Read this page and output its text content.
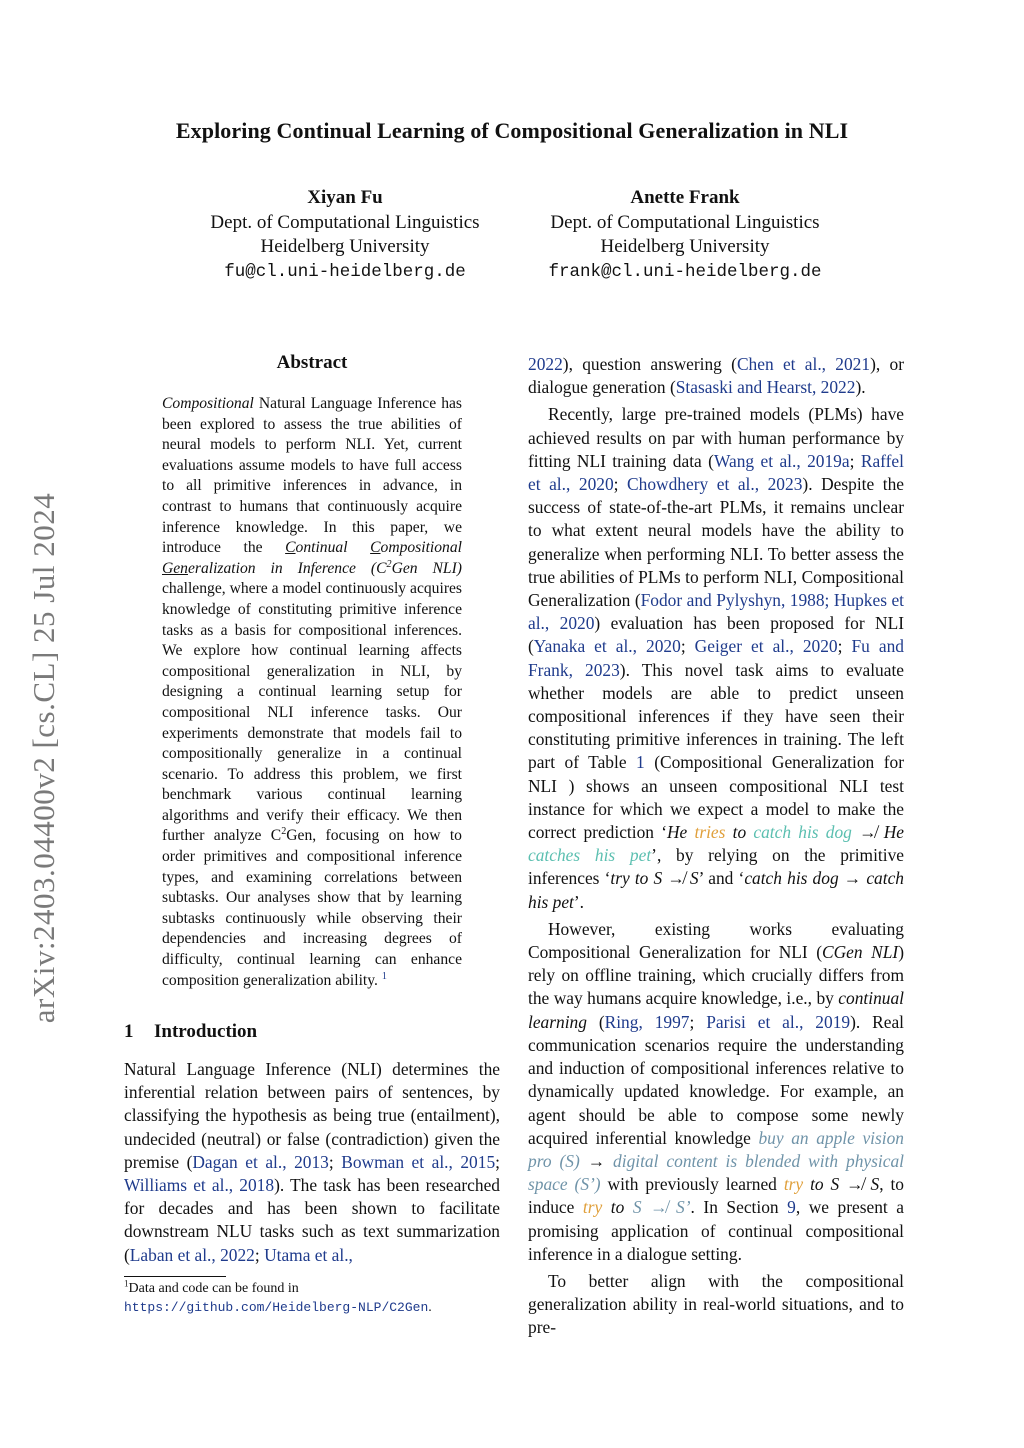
Exploring Continual Learning of Compositional Generalization in NLI
Xiyan Fu
Dept. of Computational Linguistics
Heidelberg University
fu@cl.uni-heidelberg.de
Anette Frank
Dept. of Computational Linguistics
Heidelberg University
frank@cl.uni-heidelberg.de
arXiv:2403.04400v2 [cs.CL] 25 Jul 2024
Abstract
Compositional Natural Language Inference has been explored to assess the true abilities of neural models to perform NLI. Yet, current evaluations assume models to have full access to all primitive inferences in advance, in contrast to humans that continuously acquire inference knowledge. In this paper, we introduce the Continual Compositional Generalization in Inference ($C^2Gen$ NLI) challenge, where a model continuously acquires knowledge of constituting primitive inference tasks as a basis for compositional inferences. We explore how continual learning affects compositional generalization in NLI, by designing a continual learning setup for compositional NLI inference tasks. Our experiments demonstrate that models fail to compositionally generalize in a continual scenario. To address this problem, we first benchmark various continual learning algorithms and verify their efficacy. We then further analyze $C^2Gen$, focusing on how to order primitives and compositional inference types, and examining correlations between subtasks. Our analyses show that by learning subtasks continuously while observing their dependencies and increasing degrees of difficulty, continual learning can enhance composition generalization ability. $^1$
1 Introduction

Natural Language Inference (NLI) determines the inferential relation between pairs of sentences, by classifying the hypothesis as being true (entailment), undecided (neutral) or false (contradiction) given the premise (Dagan et al., 2013; Bowman et al., 2015; Williams et al., 2018). The task has been researched for decades and has been shown to facilitate downstream NLU tasks such as text summarization (Laban et al., 2022; Utama et al.,

2022), question answering (Chen et al., 2021), or dialogue generation (Stasaski and Hearst, 2022).

Recently, large pre-trained models (PLMs) have achieved results on par with human performance by fitting NLI training data (Wang et al., 2019a; Raffel et al., 2020; Chowdhery et al., 2023). Despite the success of state-of-the-art PLMs, it remains unclear to what extent neural models have the ability to generalize when performing NLI. To better assess the true abilities of PLMs to perform NLI, Compositional Generalization (Fodor and Pylyshyn, 1988; Hupkes et al., 2020) evaluation has been proposed for NLI (Yanaka et al., 2020; Geiger et al., 2020; Fu and Frank, 2023). This novel task aims to evaluate whether models are able to predict unseen compositional inferences if they have seen their constituting primitive inferences in training. The left part of Table 1 (Compositional Generalization for NLI ) shows an unseen compositional NLI test instance for which we expect a model to make the correct prediction ‘He tries to catch his dog ↛ He catches his pet’, by relying on the primitive inferences ‘try to S ↛ S’ and ‘catch his dog → catch his pet’.

However, existing works evaluating Compositional Generalization for NLI (CGen NLI) rely on offline training, which crucially differs from the way humans acquire knowledge, i.e., by continual learning (Ring, 1997; Parisi et al., 2019). Real communication scenarios require the understanding and induction of compositional inferences relative to dynamically updated knowledge. For example, an agent should be able to compose some newly acquired inferential knowledge buy an apple vision pro (S) → digital content is blended with physical space (S’) with previously learned try to S ↛ S, to induce try to S ↛ S’. In Section 9, we present a promising application of continual compositional inference in a dialogue setting.

To better align with the compositional generalization ability in real-world situations, and to pre-

$^1$Data and code can be found in https://github.com/Heidelberg-NLP/C2Gen.
